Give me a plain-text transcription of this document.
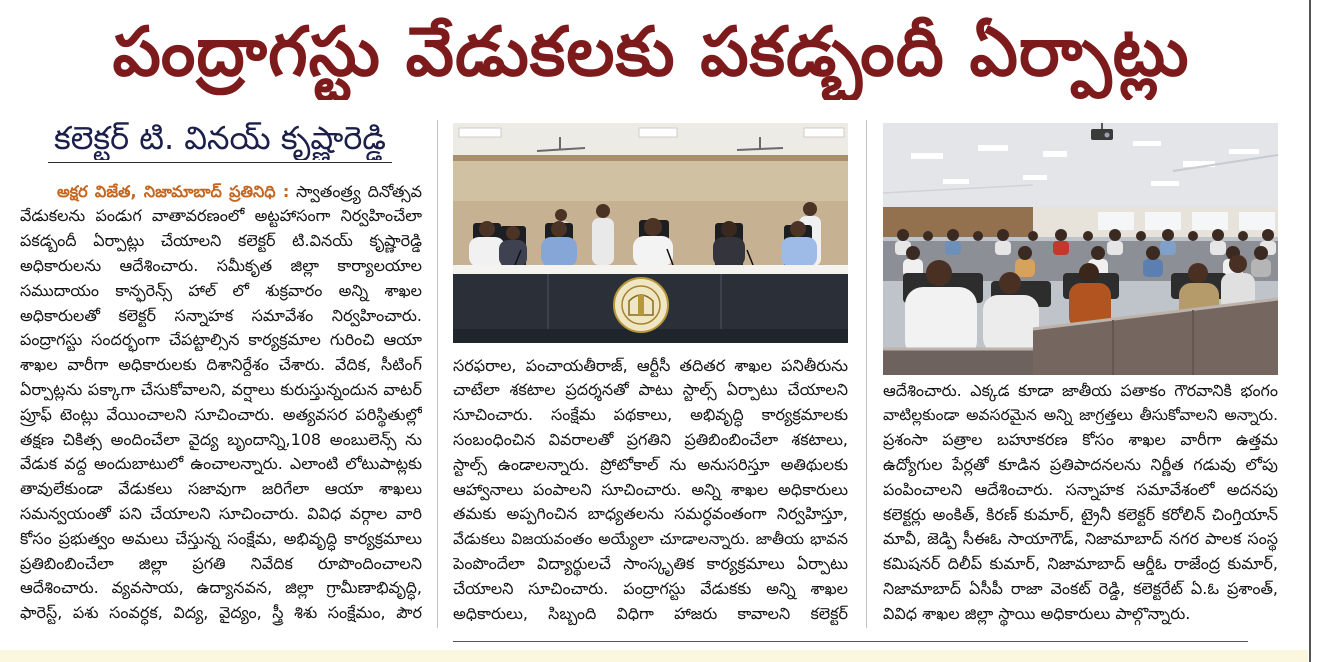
పంద్రాగస్టు వేడుకలకు పకడ్బందీ ఏర్పాట్లు
కలెక్టర్ టి. వినయ్ కృష్ణారెడ్డి
అక్షర విజేత, నిజామాబాద్ ప్రతినిధి : స్వాతంత్ర్య దినోత్సవ
వేడుకలను పండుగ వాతావరణంలో అట్టహాసంగా నిర్వహించేలా
పకడ్బందీ ఏర్పాట్లు చేయాలని కలెక్టర్ టి.వినయ్ కృష్ణారెడ్డి
అధికారులను ఆదేశించారు. సమీకృత జిల్లా కార్యాలయాల
సముదాయం కాన్ఫరెన్స్ హాల్ లో శుక్రవారం అన్ని శాఖల
అధికారులతో కలెక్టర్ సన్నాహక సమావేశం నిర్వహించారు.
పంద్రాగస్టు సందర్భంగా చేపట్టాల్సిన కార్యక్రమాల గురించి ఆయా
శాఖల వారీగా అధికారులకు దిశానిర్దేశం చేశారు. వేదిక, సీటింగ్
ఏర్పాట్లను పక్కాగా చేసుకోవాలని, వర్షాలు కురుస్తున్నందున వాటర్
ప్రూఫ్ టెంట్లు వేయించాలని సూచించారు. అత్యవసర పరిస్థితుల్లో
తక్షణ చికిత్స అందించేలా వైద్య బృందాన్ని,108 అంబులెన్స్ ను
వేడుక వద్ద అందుబాటులో ఉంచాలన్నారు. ఎలాంటి లోటుపాట్లకు
తావులేకుండా వేడుకలు సజావుగా జరిగేలా ఆయా శాఖలు
సమన్వయంతో పని చేయాలని సూచించారు. వివిధ వర్గాల వారి
కోసం ప్రభుత్వం అమలు చేస్తున్న సంక్షేమ, అభివృద్ధి కార్యక్రమాలు
ప్రతిబింబించేలా జిల్లా ప్రగతి నివేదిక రూపొందించాలని
ఆదేశించారు. వ్యవసాయ, ఉద్యానవన, జిల్లా గ్రామీణాభివృద్ధి,
ఫారెస్ట్, పశు సంవర్ధక, విద్య, వైద్యం, స్త్రీ శిశు సంక్షేమం, పౌర
సరఫరాల, పంచాయతీరాజ్, ఆర్టీసీ తదితర శాఖల పనితీరును
చాటేలా శకటాల ప్రదర్శనతో పాటు స్టాల్స్ ఏర్పాటు చేయాలని
సూచించారు. సంక్షేమ పథకాలు, అభివృద్ధి కార్యక్రమాలకు
సంబంధించిన వివరాలతో ప్రగతిని ప్రతిబింబించేలా శకటాలు,
స్టాల్స్ ఉండాలన్నారు. ప్రోటోకాల్ ను అనుసరిస్తూ అతిథులకు
ఆహ్వానాలు పంపాలని సూచించారు. అన్ని శాఖల అధికారులు
తమకు అప్పగించిన బాధ్యతలను సమర్ధవంతంగా నిర్వహిస్తూ,
వేడుకలు విజయవంతం అయ్యేలా చూడాలన్నారు. జాతీయ భావన
పెంపొందేలా విద్యార్థులచే సాంస్కృతిక కార్యక్రమాలు ఏర్పాటు
చేయాలని సూచించారు. పంద్రాగస్టు వేడుకకు అన్ని శాఖల
అధికారులు, సిబ్బంది విధిగా హాజరు కావాలని కలెక్టర్
ఆదేశించారు. ఎక్కడ కూడా జాతీయ పతాకం గౌరవానికి భంగం
వాటిల్లకుండా అవసరమైన అన్ని జాగ్రత్తలు తీసుకోవాలని అన్నారు.
ప్రశంసా పత్రాల బహూకరణ కోసం శాఖల వారీగా ఉత్తమ
ఉద్యోగుల పేర్లతో కూడిన ప్రతిపాదనలను నిర్ణీత గడువు లోపు
పంపించాలని ఆదేశించారు. సన్నాహక సమావేశంలో అదనపు
కలెక్టర్లు అంకిత్, కిరణ్ కుమార్, ట్రైనీ కలెక్టర్ కరోలిన్ చింగ్తియాన్
మావీ, జెడ్పి సీఈఓ సాయాగౌడ్, నిజామాబాద్ నగర పాలక సంస్థ
కమిషనర్ దిలీప్ కుమార్, నిజామాబాద్ ఆర్డీఓ రాజేంద్ర కుమార్,
నిజామాబాద్ ఏసీపీ రాజా వెంకట్ రెడ్డి, కలెక్టరేట్ ఏ.ఓ ప్రశాంత్,
వివిధ శాఖల జిల్లా స్థాయి అధికారులు పాల్గొన్నారు.
